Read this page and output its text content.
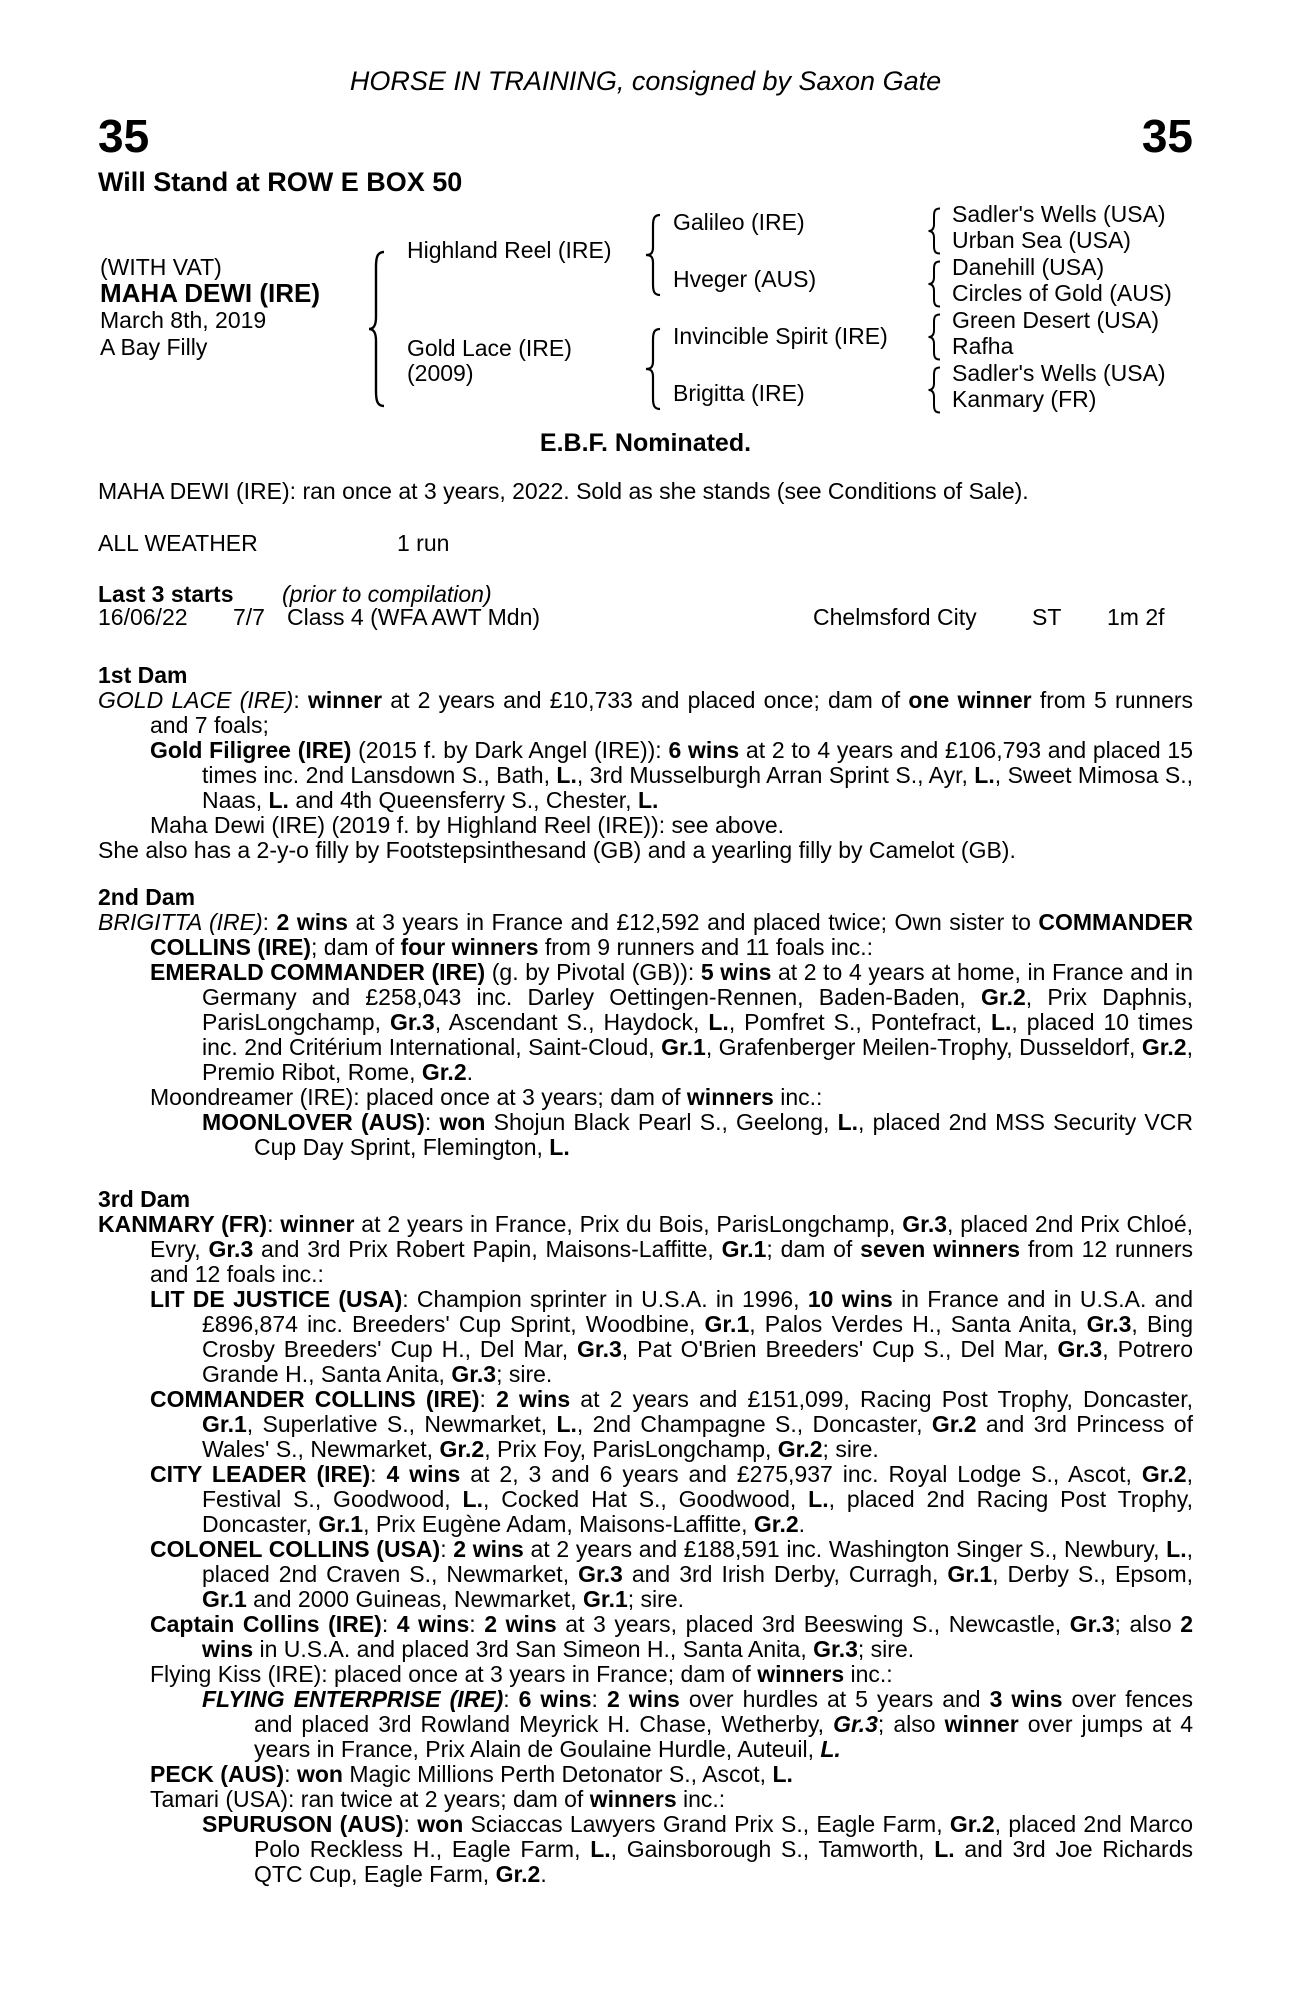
HORSE IN TRAINING, consigned by Saxon Gate
35	35
Will Stand at ROW E BOX 50
(WITH VAT)
MAHA DEWI (IRE)
March 8th, 2019
A Bay Filly
Highland Reel (IRE)
Gold Lace (IRE)
(2009)
Galileo (IRE)
Hveger (AUS)
Invincible Spirit (IRE)
Brigitta (IRE)
Sadler's Wells (USA)
Urban Sea (USA)
Danehill (USA)
Circles of Gold (AUS)
Green Desert (USA)
Rafha
Sadler's Wells (USA)
Kanmary (FR)
E.B.F. Nominated.
MAHA DEWI (IRE): ran once at 3 years, 2022. Sold as she stands (see Conditions of Sale).
ALL WEATHER	1 run
Last 3 starts (prior to compilation)
16/06/22 7/7 Class 4 (WFA AWT Mdn)	Chelmsford City ST 1m 2f

1st Dam

GOLD LACE (IRE): winner at 2 years and £10,733 and placed once; dam of one winner from 5 runners and 7 foals;

Gold Filigree (IRE) (2015 f. by Dark Angel (IRE)): 6 wins at 2 to 4 years and £106,793 and placed 15 times inc. 2nd Lansdown S., Bath, L., 3rd Musselburgh Arran Sprint S., Ayr, L., Sweet Mimosa S., Naas, L. and 4th Queensferry S., Chester, L.

Maha Dewi (IRE) (2019 f. by Highland Reel (IRE)): see above.

She also has a 2-y-o filly by Footstepsinthesand (GB) and a yearling filly by Camelot (GB).

2nd Dam

BRIGITTA (IRE): 2 wins at 3 years in France and £12,592 and placed twice; Own sister to COMMANDER COLLINS (IRE); dam of four winners from 9 runners and 11 foals inc.:

EMERALD COMMANDER (IRE) (g. by Pivotal (GB)): 5 wins at 2 to 4 years at home, in France and in Germany and £258,043 inc. Darley Oettingen-Rennen, Baden-Baden, Gr.2, Prix Daphnis, ParisLongchamp, Gr.3, Ascendant S., Haydock, L., Pomfret S., Pontefract, L., placed 10 times inc. 2nd Critérium International, Saint-Cloud, Gr.1, Grafenberger Meilen-Trophy, Dusseldorf, Gr.2, Premio Ribot, Rome, Gr.2.

Moondreamer (IRE): placed once at 3 years; dam of winners inc.:

MOONLOVER (AUS): won Shojun Black Pearl S., Geelong, L., placed 2nd MSS Security VCR Cup Day Sprint, Flemington, L.

3rd Dam

KANMARY (FR): winner at 2 years in France, Prix du Bois, ParisLongchamp, Gr.3, placed 2nd Prix Chloé, Evry, Gr.3 and 3rd Prix Robert Papin, Maisons-Laffitte, Gr.1; dam of seven winners from 12 runners and 12 foals inc.:

LIT DE JUSTICE (USA): Champion sprinter in U.S.A. in 1996, 10 wins in France and in U.S.A. and £896,874 inc. Breeders' Cup Sprint, Woodbine, Gr.1, Palos Verdes H., Santa Anita, Gr.3, Bing Crosby Breeders' Cup H., Del Mar, Gr.3, Pat O'Brien Breeders' Cup S., Del Mar, Gr.3, Potrero Grande H., Santa Anita, Gr.3; sire.

COMMANDER COLLINS (IRE): 2 wins at 2 years and £151,099, Racing Post Trophy, Doncaster, Gr.1, Superlative S., Newmarket, L., 2nd Champagne S., Doncaster, Gr.2 and 3rd Princess of Wales' S., Newmarket, Gr.2, Prix Foy, ParisLongchamp, Gr.2; sire.

CITY LEADER (IRE): 4 wins at 2, 3 and 6 years and £275,937 inc. Royal Lodge S., Ascot, Gr.2, Festival S., Goodwood, L., Cocked Hat S., Goodwood, L., placed 2nd Racing Post Trophy, Doncaster, Gr.1, Prix Eugène Adam, Maisons-Laffitte, Gr.2.

COLONEL COLLINS (USA): 2 wins at 2 years and £188,591 inc. Washington Singer S., Newbury, L., placed 2nd Craven S., Newmarket, Gr.3 and 3rd Irish Derby, Curragh, Gr.1, Derby S., Epsom, Gr.1 and 2000 Guineas, Newmarket, Gr.1; sire.

Captain Collins (IRE): 4 wins: 2 wins at 3 years, placed 3rd Beeswing S., Newcastle, Gr.3; also 2 wins in U.S.A. and placed 3rd San Simeon H., Santa Anita, Gr.3; sire.

Flying Kiss (IRE): placed once at 3 years in France; dam of winners inc.:

FLYING ENTERPRISE (IRE): 6 wins: 2 wins over hurdles at 5 years and 3 wins over fences and placed 3rd Rowland Meyrick H. Chase, Wetherby, Gr.3; also winner over jumps at 4 years in France, Prix Alain de Goulaine Hurdle, Auteuil, L.

PECK (AUS): won Magic Millions Perth Detonator S., Ascot, L.

Tamari (USA): ran twice at 2 years; dam of winners inc.:

SPURUSON (AUS): won Sciaccas Lawyers Grand Prix S., Eagle Farm, Gr.2, placed 2nd Marco Polo Reckless H., Eagle Farm, L., Gainsborough S., Tamworth, L. and 3rd Joe Richards QTC Cup, Eagle Farm, Gr.2.
